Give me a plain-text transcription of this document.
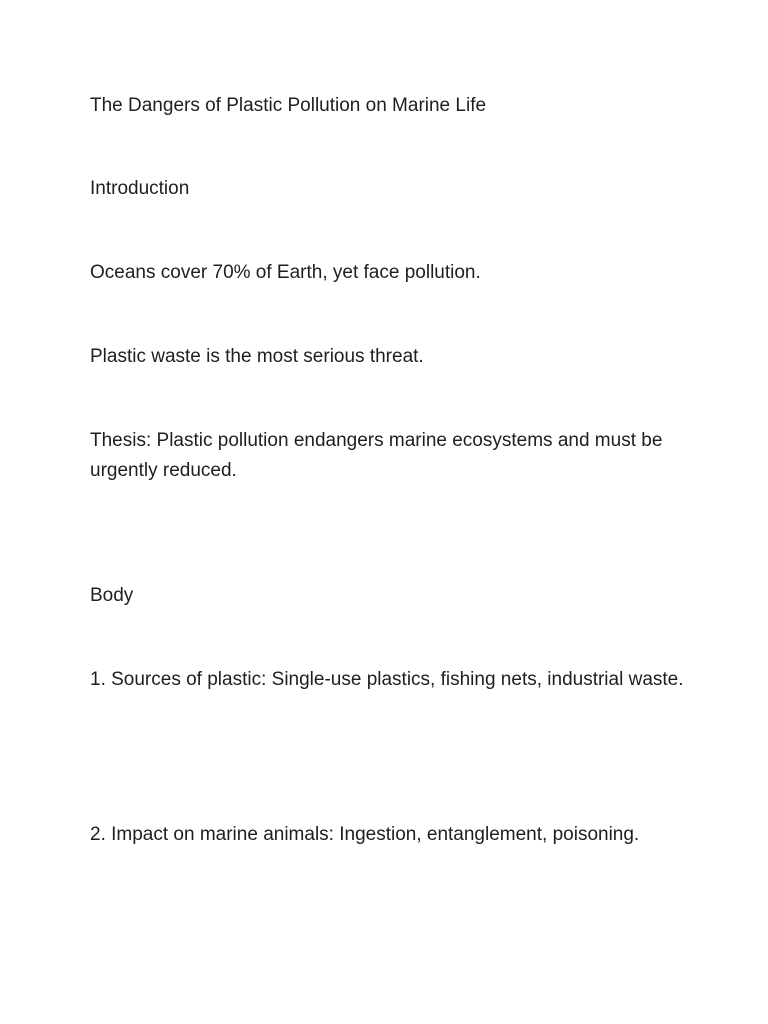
The Dangers of Plastic Pollution on Marine Life

Introduction

Oceans cover 70% of Earth, yet face pollution.

Plastic waste is the most serious threat.

Thesis: Plastic pollution endangers marine ecosystems and must be urgently reduced.

Body

1. Sources of plastic: Single-use plastics, fishing nets, industrial waste.

2. Impact on marine animals: Ingestion, entanglement, poisoning.
